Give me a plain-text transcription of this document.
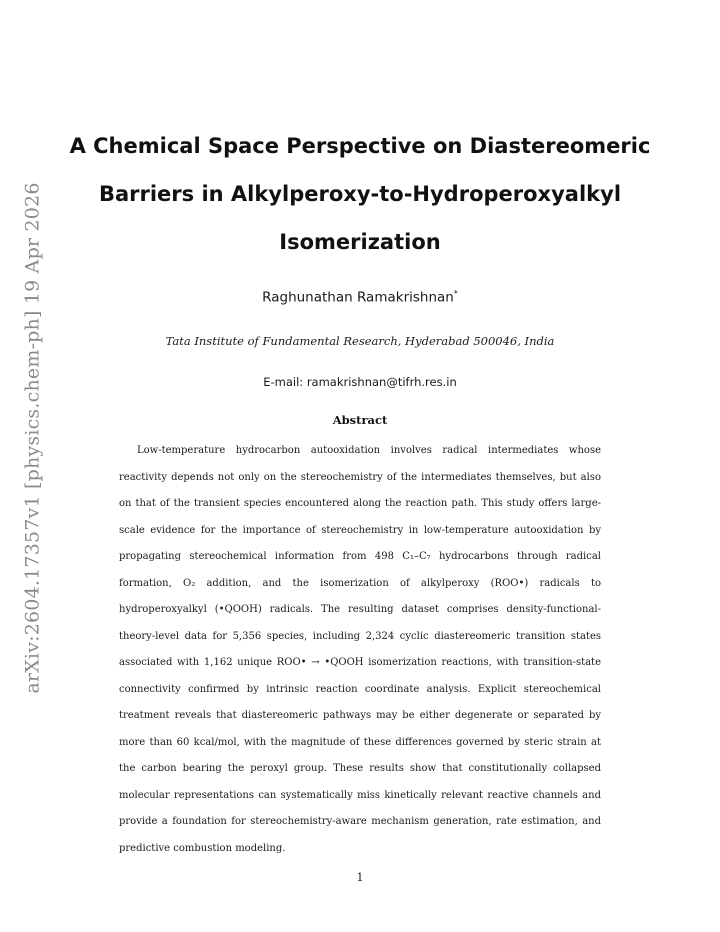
arXiv:2604.17357v1 [physics.chem-ph] 19 Apr 2026
A Chemical Space Perspective on Diastereomeric Barriers in Alkylperoxy-to-Hydroperoxyalkyl Isomerization
Raghunathan Ramakrishnan*
Tata Institute of Fundamental Research, Hyderabad 500046, India
E-mail: ramakrishnan@tifrh.res.in
Abstract

Low-temperature hydrocarbon autooxidation involves radical intermediates whose reactivity depends not only on the stereochemistry of the intermediates themselves, but also on that of the transient species encountered along the reaction path. This study offers large-scale evidence for the importance of stereochemistry in low-temperature autooxidation by propagating stereochemical information from 498 C₁–C₇ hydrocarbons through radical formation, O₂ addition, and the isomerization of alkylperoxy (ROO•) radicals to hydroperoxyalkyl (•QOOH) radicals. The resulting dataset comprises density-functional-theory-level data for 5,356 species, including 2,324 cyclic diastereomeric transition states associated with 1,162 unique ROO• → •QOOH isomerization reactions, with transition-state connectivity confirmed by intrinsic reaction coordinate analysis. Explicit stereochemical treatment reveals that diastereomeric pathways may be either degenerate or separated by more than 60 kcal/mol, with the magnitude of these differences governed by steric strain at the carbon bearing the peroxyl group. These results show that constitutionally collapsed molecular representations can systematically miss kinetically relevant reactive channels and provide a foundation for stereochemistry-aware mechanism generation, rate estimation, and predictive combustion modeling.

1
